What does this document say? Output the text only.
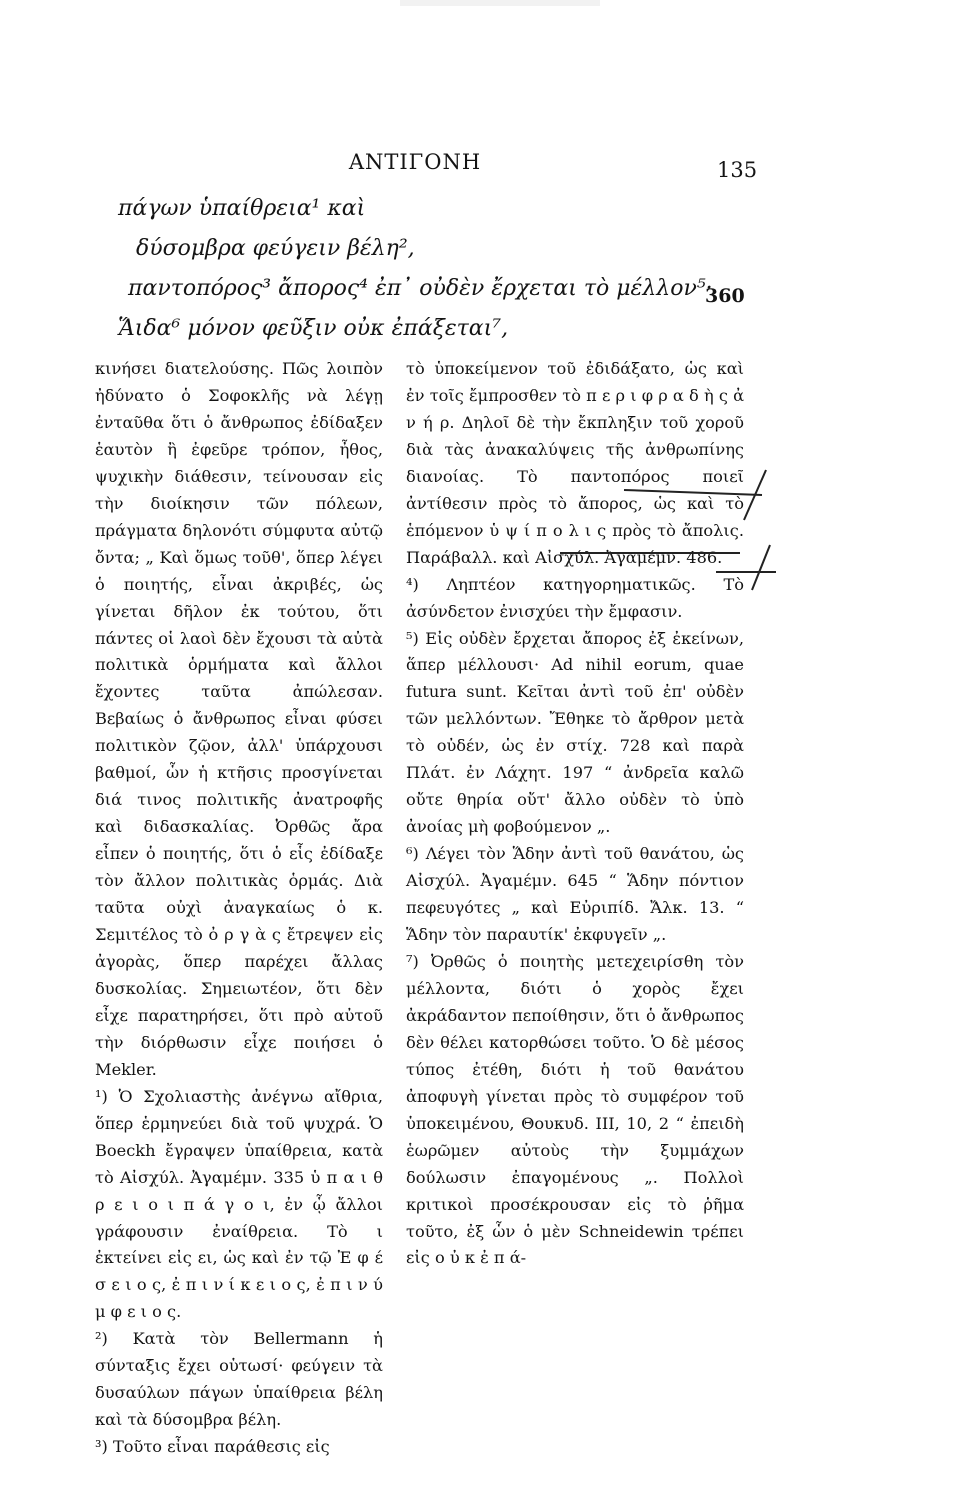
ΑΝΤΙΓΟΝΗ	135
πάγων ὑπαίθρεια¹ καὶ
δύσομβρα φεύγειν βέλη²,
παντοπόρος³ ἄπορος⁴ ἐπ᾽ οὐδὲν ἔρχεται τὸ μέλλον⁵·
Ἅιδα⁶ μόνον φεῦξιν οὐκ ἐπάξεται⁷,
360

κινήσει διατελούσης. Πῶς λοιπὸν ἠδύνατο ὁ Σοφοκλῆς νὰ λέγῃ ἐνταῦθα ὅτι ὁ ἄνθρωπος ἐδίδαξεν ἑαυτὸν ἢ ἐφεῦρε τρόπον, ἦθος, ψυχικὴν διάθεσιν, τείνουσαν εἰς τὴν διοίκησιν τῶν πόλεων, πράγματα δηλονότι σύμφυτα αὐτῷ ὄντα; „ Καὶ ὅμως τοῦθ', ὅπερ λέγει ὁ ποιητής, εἶναι ἀκριβές, ὡς γίνεται δῆλον ἐκ τούτου, ὅτι πάντες οἱ λαοὶ δὲν ἔχουσι τὰ αὐτὰ πολιτικὰ ὁρμήματα καὶ ἄλλοι ἔχοντες ταῦτα ἀπώλεσαν. Βεβαίως ὁ ἄνθρωπος εἶναι φύσει πολιτικὸν ζῷον, ἀλλ' ὑπάρχουσι βαθμοί, ὧν ἡ κτῆσις προσγίνεται διά τινος πολιτικῆς ἀνατροφῆς καὶ διδασκαλίας. Ὀρθῶς ἄρα εἶπεν ὁ ποιητής, ὅτι ὁ εἷς ἐδίδαξε τὸν ἄλλον πολιτικὰς ὁρμάς. Διὰ ταῦτα οὐχὶ ἀναγκαίως ὁ κ. Σεμιτέλος τὸ ὀ ρ γ ὰ ς ἔτρεψεν εἰς ἀγορὰς, ὅπερ παρέχει ἄλλας δυσκολίας. Σημειωτέον, ὅτι δὲν εἶχε παρατηρήσει, ὅτι πρὸ αὐτοῦ τὴν διόρθωσιν εἶχε ποιήσει ὁ Mekler.

¹) Ὁ Σχολιαστὴς ἀνέγνω αἴθρια, ὅπερ ἑρμηνεύει διὰ τοῦ ψυχρά. Ὁ Boeckh ἔγραψεν ὑπαίθρεια, κατὰ τὸ Αἰσχύλ. Ἀγαμέμν. 335 ὑ π α ι θ ρ ε ι ο ι π ά γ ο ι, ἐν ᾧ ἄλλοι γράφουσιν ἐναίθρεια. Τὸ ι ἐκτείνει εἰς ει, ὡς καὶ ἐν τῷ Ἐ φ έ σ ε ι ο ς, ἐ π ι ν ί κ ε ι ο ς, ἐ π ι ν ύ μ φ ε ι ο ς.

²) Κατὰ τὸν Bellermann ἡ σύνταξις ἔχει οὑτωσί· φεύγειν τὰ δυσαύλων πάγων ὑπαίθρεια βέλη καὶ τὰ δύσομβρα βέλη.

³) Τοῦτο εἶναι παράθεσις εἰς

τὸ ὑποκείμενον τοῦ ἐδιδάξατο, ὡς καὶ ἐν τοῖς ἔμπροσθεν τὸ π ε ρ ι φ ρ α δ ὴ ς ἀ ν ή ρ. Δηλοῖ δὲ τὴν ἔκπληξιν τοῦ χοροῦ διὰ τὰς ἀνακαλύψεις τῆς ἀνθρωπίνης διανοίας. Τὸ παντοπόρος ποιεῖ ἀντίθεσιν πρὸς τὸ ἄπορος, ὡς καὶ τὸ ἑπόμενον ὑ ψ ί π ο λ ι ς πρὸς τὸ ἄπολις. Παράβαλλ. καὶ Αἰσχύλ. Ἀγαμέμν. 486.

⁴) Ληπτέον κατηγορηματικῶς. Τὸ ἀσύνδετον ἐνισχύει τὴν ἔμφασιν.

⁵) Εἰς οὐδὲν ἔρχεται ἄπορος ἐξ ἐκείνων, ἅπερ μέλλουσι· Ad nihil eorum, quae futura sunt. Κεῖται ἀντὶ τοῦ ἐπ' οὐδὲν τῶν μελλόντων. Ἔθηκε τὸ ἄρθρον μετὰ τὸ οὐδέν, ὡς ἐν στίχ. 728 καὶ παρὰ Πλάτ. ἐν Λάχητ. 197 “ ἀνδρεῖα καλῶ οὔτε θηρία οὔτ' ἄλλο οὐδὲν τὸ ὑπὸ ἀνοίας μὴ φοβούμενον „.

⁶) Λέγει τὸν Ἅδην ἀντὶ τοῦ θανάτου, ὡς Αἰσχύλ. Ἀγαμέμν. 645 “ Ἅδην πόντιον πεφευγότες „ καὶ Εὐριπίδ. Ἄλκ. 13. “ Ἅδην τὸν παραυτίκ' ἐκφυγεῖν „.

⁷) Ὀρθῶς ὁ ποιητὴς μετεχειρίσθη τὸν μέλλοντα, διότι ὁ χορὸς ἔχει ἀκράδαντον πεποίθησιν, ὅτι ὁ ἄνθρωπος δὲν θέλει κατορθώσει τοῦτο. Ὁ δὲ μέσος τύπος ἐτέθη, διότι ἡ τοῦ θανάτου ἀποφυγὴ γίνεται πρὸς τὸ συμφέρον τοῦ ὑποκειμένου, Θουκυδ. III, 10, 2 “ ἐπειδὴ ἑωρῶμεν αὐτοὺς τὴν ξυμμάχων δούλωσιν ἐπαγομένους „. Πολλοὶ κριτικοὶ προσέκρουσαν εἰς τὸ ῥῆμα τοῦτο, ἐξ ὧν ὁ μὲν Schneidewin τρέπει εἰς ο ὐ κ ἐ π ά-
